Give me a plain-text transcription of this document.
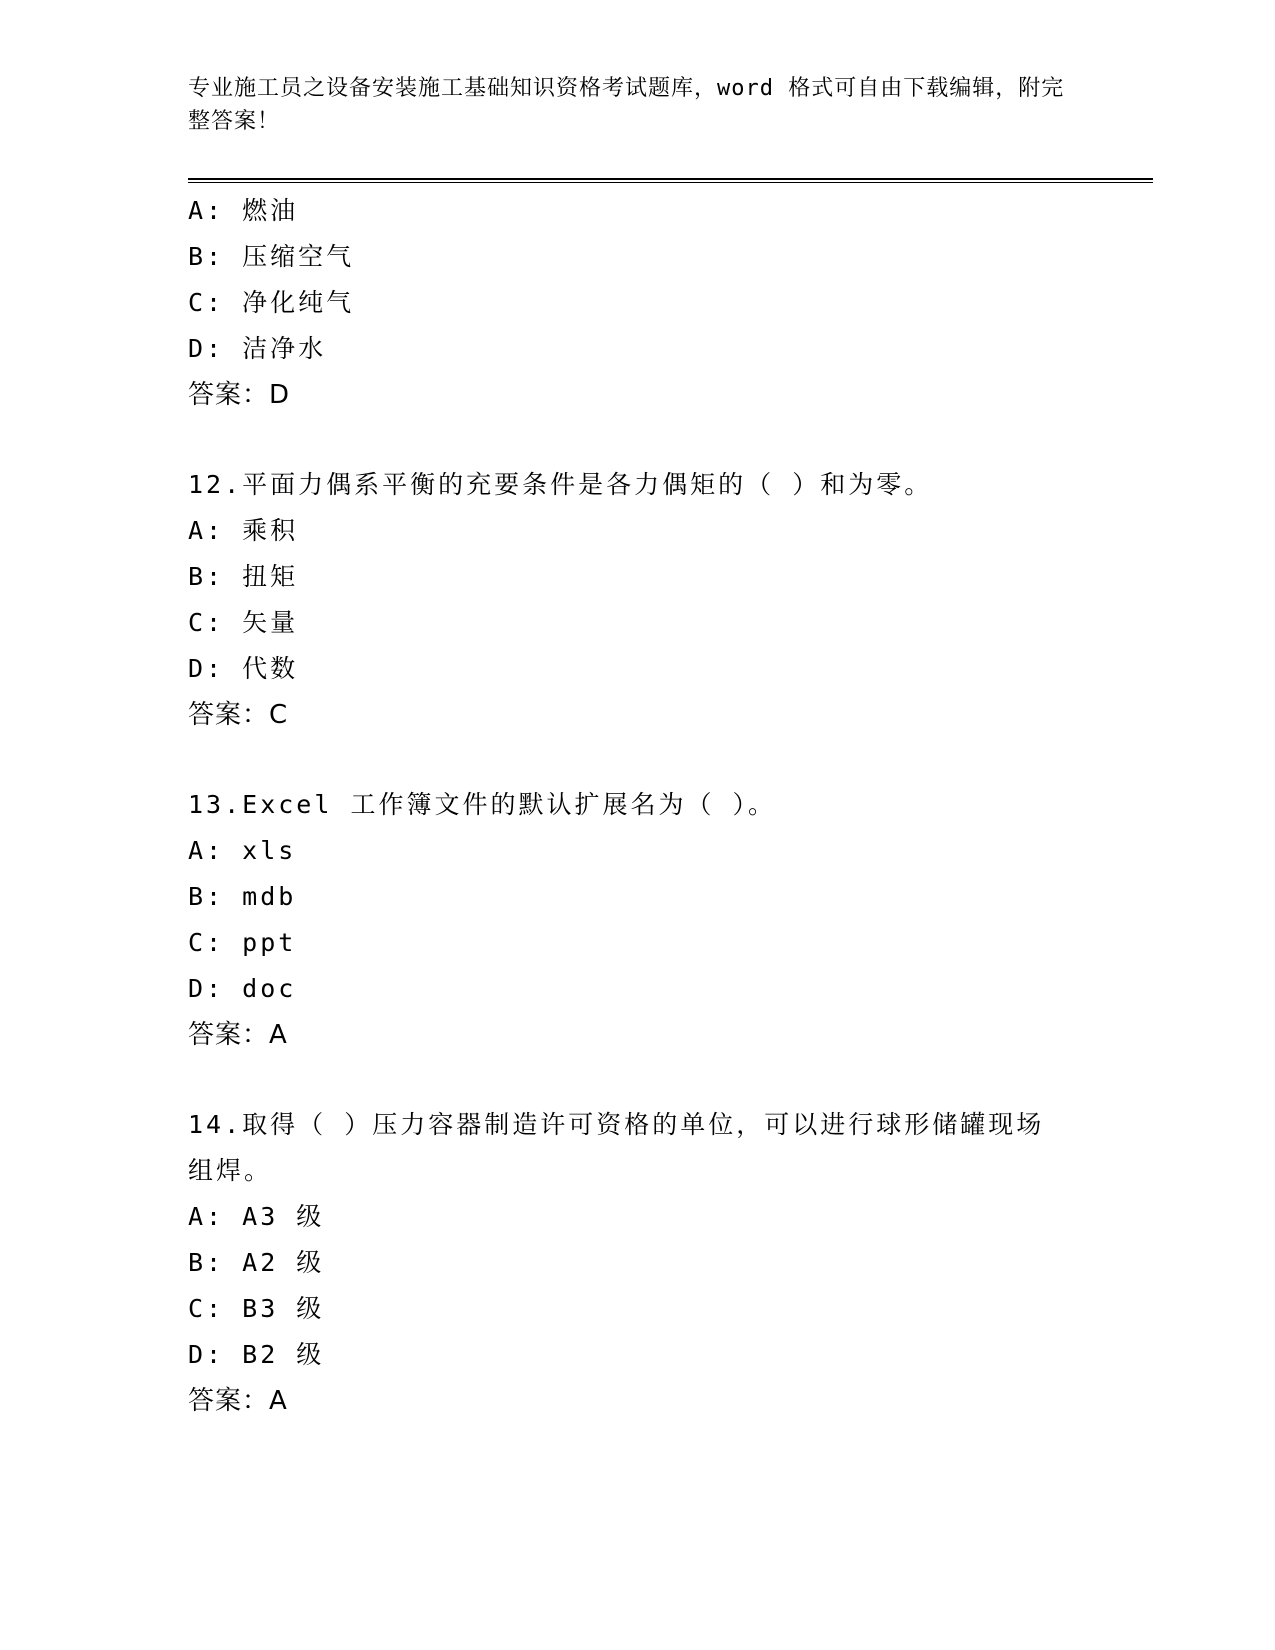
专业施工员之设备安装施工基础知识资格考试题库，word 格式可自由下载编辑，附完整答案！
A: 燃油
B: 压缩空气
C: 净化纯气
D: 洁净水
答案：D
12.平面力偶系平衡的充要条件是各力偶矩的（ ）和为零。
A: 乘积
B: 扭矩
C: 矢量
D: 代数
答案：C
13.Excel 工作簿文件的默认扩展名为（ ）。
A: xls
B: mdb
C: ppt
D: doc
答案：A
14.取得（ ）压力容器制造许可资格的单位，可以进行球形储罐现场组焊。
A: A3 级
B: A2 级
C: B3 级
D: B2 级
答案：A
